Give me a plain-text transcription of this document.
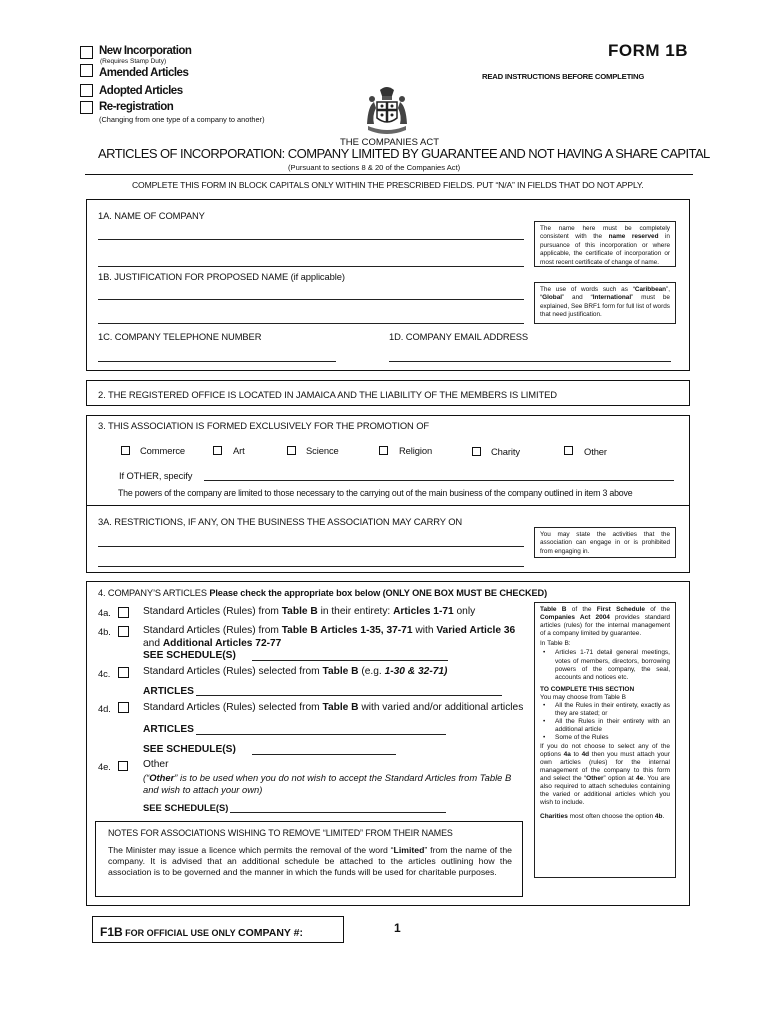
New Incorporation
(Requires Stamp Duty)
Amended Articles
Adopted Articles
Re-registration
(Changing from one type of a company to another)
FORM 1B
READ INSTRUCTIONS BEFORE COMPLETING
THE COMPANIES ACT
ARTICLES OF INCORPORATION: COMPANY LIMITED BY GUARANTEE AND NOT HAVING A SHARE CAPITAL
(Pursuant to sections 8 & 20 of the Companies Act)
COMPLETE THIS FORM IN BLOCK CAPITALS ONLY WITHIN THE PRESCRIBED FIELDS. PUT “N/A” IN FIELDS THAT DO NOT APPLY.
1A. NAME OF COMPANY
The name here must be completely consistent with the name reserved in pursuance of this incorporation or where applicable, the certificate of incorporation or most recent certificate of change of name.
1B. JUSTIFICATION FOR PROPOSED NAME (if applicable)
The use of words such as “Caribbean”, “Global” and “International” must be explained, See BRF1 form for full list of words that need justification.
1C. COMPANY TELEPHONE NUMBER	1D. COMPANY EMAIL ADDRESS
2. THE REGISTERED OFFICE IS LOCATED IN JAMAICA AND THE LIABILITY OF THE MEMBERS IS LIMITED
3. THIS ASSOCIATION IS FORMED EXCLUSIVELY FOR THE PROMOTION OF
Commerce	Art	Science	Religion	Charity	Other
If OTHER, specify
The powers of the company are limited to those necessary to the carrying out of the main business of the company outlined in item 3 above
3A. RESTRICTIONS, IF ANY, ON THE BUSINESS THE ASSOCIATION MAY CARRY ON
You may state the activities that the association can engage in or is prohibited from engaging in.
4. COMPANY’S ARTICLES Please check the appropriate box below (ONLY ONE BOX MUST BE CHECKED)
4a.	Standard Articles (Rules) from Table B in their entirety: Articles 1-71 only
4b.	Standard Articles (Rules) from Table B Articles 1-35, 37-71 with Varied Article 36
and Additional Articles 72-77
SEE SCHEDULE(S)
4c.	Standard Articles (Rules) selected from Table B (e.g. 1-30 & 32-71)
ARTICLES
4d.	Standard Articles (Rules) selected from Table B with varied and/or additional articles
ARTICLES
SEE SCHEDULE(S)
4e.	Other
(“Other” is to be used when you do not wish to accept the Standard Articles from Table B and wish to attach your own)
SEE SCHEDULE(S)
NOTES FOR ASSOCIATIONS WISHING TO REMOVE “LIMITED” FROM THEIR NAMES
The Minister may issue a licence which permits the removal of the word “Limited” from the name of the company. It is advised that an additional schedule be attached to the articles outlining how the association is to be governed and the manner in which the funds will be used for charitable purposes.
Table B of the First Schedule of the Companies Act 2004 provides standard articles (rules) for the internal management of a company limited by guarantee.
In Table B:
•	Articles 1-71 detail general meetings, votes of members, directors, borrowing powers of the company, the seal, accounts and notices etc.
TO COMPLETE THIS SECTION
You may choose from Table B
•	All the Rules in their entirety, exactly as they are stated; or
•	All the Rules in their entirety with an additional article
•	Some of the Rules
If you do not choose to select any of the options 4a to 4d then you must attach your own articles (rules) for the internal management of the company to this form and select the “Other” option at 4e. You are also required to attach schedules containing the varied or additional articles which you wish to include.
Charities most often choose the option 4b.
F1B FOR OFFICIAL USE ONLY COMPANY #:	1
